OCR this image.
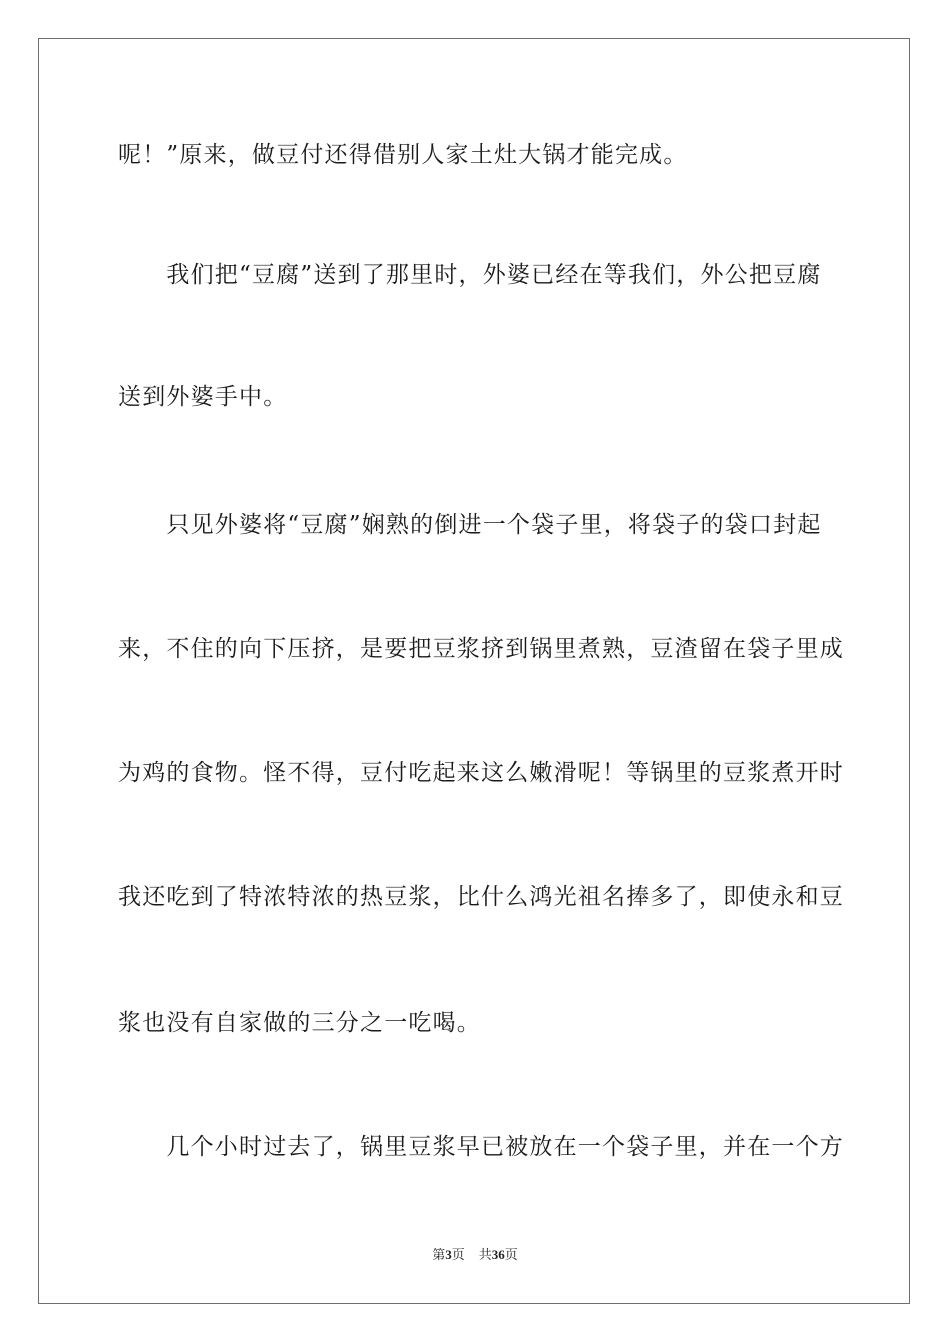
呢！”原来，做豆付还得借别人家土灶大锅才能完成。
　　我们把“豆腐”送到了那里时，外婆已经在等我们，外公把豆腐
送到外婆手中。
　　只见外婆将“豆腐”娴熟的倒进一个袋子里，将袋子的袋口封起
来，不住的向下压挤，是要把豆浆挤到锅里煮熟，豆渣留在袋子里成
为鸡的食物。怪不得，豆付吃起来这么嫩滑呢！等锅里的豆浆煮开时
我还吃到了特浓特浓的热豆浆，比什么鸿光祖名捧多了，即使永和豆
浆也没有自家做的三分之一吃喝。
　　几个小时过去了，锅里豆浆早已被放在一个袋子里，并在一个方
第3页 共36页
